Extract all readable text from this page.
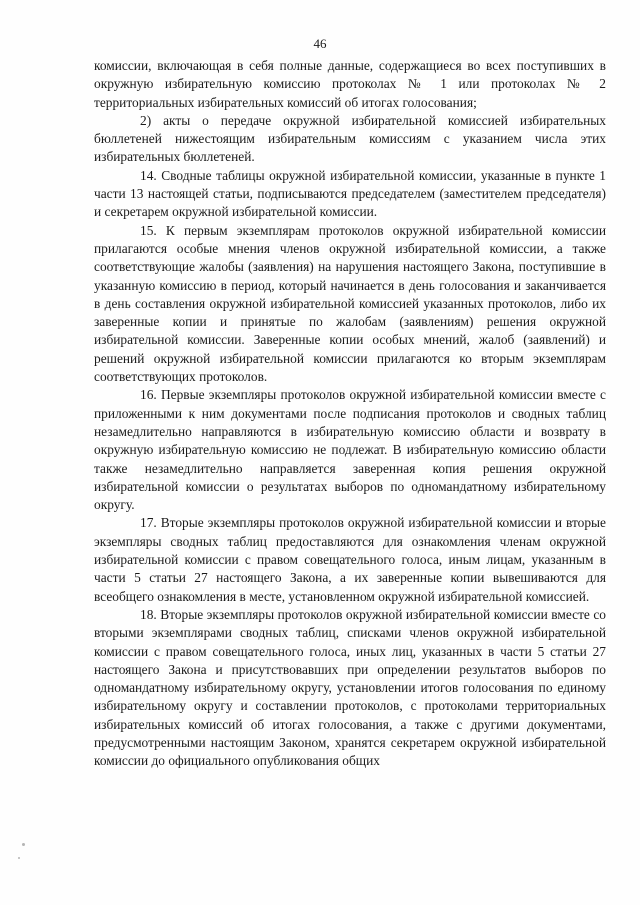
46

комиссии, включающая в себя полные данные, содержащиеся во всех поступивших в окружную избирательную комиссию протоколах № 1 или протоколах № 2 территориальных избирательных комиссий об итогах голосования;

2) акты о передаче окружной избирательной комиссией избирательных бюллетеней нижестоящим избирательным комиссиям с указанием числа этих избирательных бюллетеней.

14. Сводные таблицы окружной избирательной комиссии, указанные в пункте 1 части 13 настоящей статьи, подписываются председателем (заместителем председателя) и секретарем окружной избирательной комиссии.

15. К первым экземплярам протоколов окружной избирательной комиссии прилагаются особые мнения членов окружной избирательной комиссии, а также соответствующие жалобы (заявления) на нарушения настоящего Закона, поступившие в указанную комиссию в период, который начинается в день голосования и заканчивается в день составления окружной избирательной комиссией указанных протоколов, либо их заверенные копии и принятые по жалобам (заявлениям) решения окружной избирательной комиссии. Заверенные копии особых мнений, жалоб (заявлений) и решений окружной избирательной комиссии прилагаются ко вторым экземплярам соответствующих протоколов.

16. Первые экземпляры протоколов окружной избирательной комиссии вместе с приложенными к ним документами после подписания протоколов и сводных таблиц незамедлительно направляются в избирательную комиссию области и возврату в окружную избирательную комиссию не подлежат. В избирательную комиссию области также незамедлительно направляется заверенная копия решения окружной избирательной комиссии о результатах выборов по одномандатному избирательному округу.

17. Вторые экземпляры протоколов окружной избирательной комиссии и вторые экземпляры сводных таблиц предоставляются для ознакомления членам окружной избирательной комиссии с правом совещательного голоса, иным лицам, указанным в части 5 статьи 27 настоящего Закона, а их заверенные копии вывешиваются для всеобщего ознакомления в месте, установленном окружной избирательной комиссией.

18. Вторые экземпляры протоколов окружной избирательной комиссии вместе со вторыми экземплярами сводных таблиц, списками членов окружной избирательной комиссии с правом совещательного голоса, иных лиц, указанных в части 5 статьи 27 настоящего Закона и присутствовавших при определении результатов выборов по одномандатному избирательному округу, установлении итогов голосования по единому избирательному округу и составлении протоколов, с протоколами территориальных избирательных комиссий об итогах голосования, а также с другими документами, предусмотренными настоящим Законом, хранятся секретарем окружной избирательной комиссии до официального опубликования общих
